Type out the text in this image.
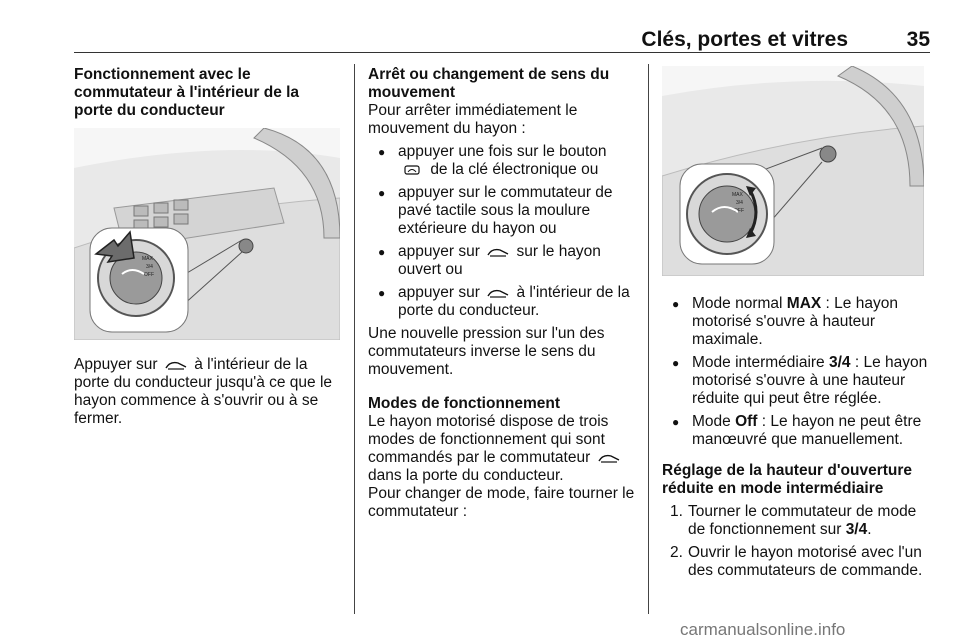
Clés, portes et vitres	35
Fonctionnement avec le commutateur à l'intérieur de la porte du conducteur
MAX
3/4
OFF
Appuyer sur à l'intérieur de la porte du conducteur jusqu'à ce que le hayon commence à s'ouvrir ou à se fermer.
Arrêt ou changement de sens du mouvement
Pour arrêter immédiatement le mouvement du hayon :
● appuyer une fois sur le bouton
de la clé électronique ou
● appuyer sur le commutateur de pavé tactile sous la moulure extérieure du hayon ou
● appuyer sur sur le hayon ouvert ou
● appuyer sur à l'intérieur de la porte du conducteur.
Une nouvelle pression sur l'un des commutateurs inverse le sens du mouvement.
Modes de fonctionnement
Le hayon motorisé dispose de trois modes de fonctionnement qui sont commandés par le commutateur  dans la porte du conducteur.
Pour changer de mode, faire tourner le commutateur :
MAX
3/4
OFF
● Mode normal MAX : Le hayon motorisé s'ouvre à hauteur maximale.
● Mode intermédiaire 3/4 : Le hayon motorisé s'ouvre à une hauteur réduite qui peut être réglée.
● Mode Off : Le hayon ne peut être manœuvré que manuellement.
Réglage de la hauteur d'ouverture réduite en mode intermédiaire
1. Tourner le commutateur de mode de fonctionnement sur 3/4.
2. Ouvrir le hayon motorisé avec l'un des commutateurs de commande.
carmanualsonline.info
